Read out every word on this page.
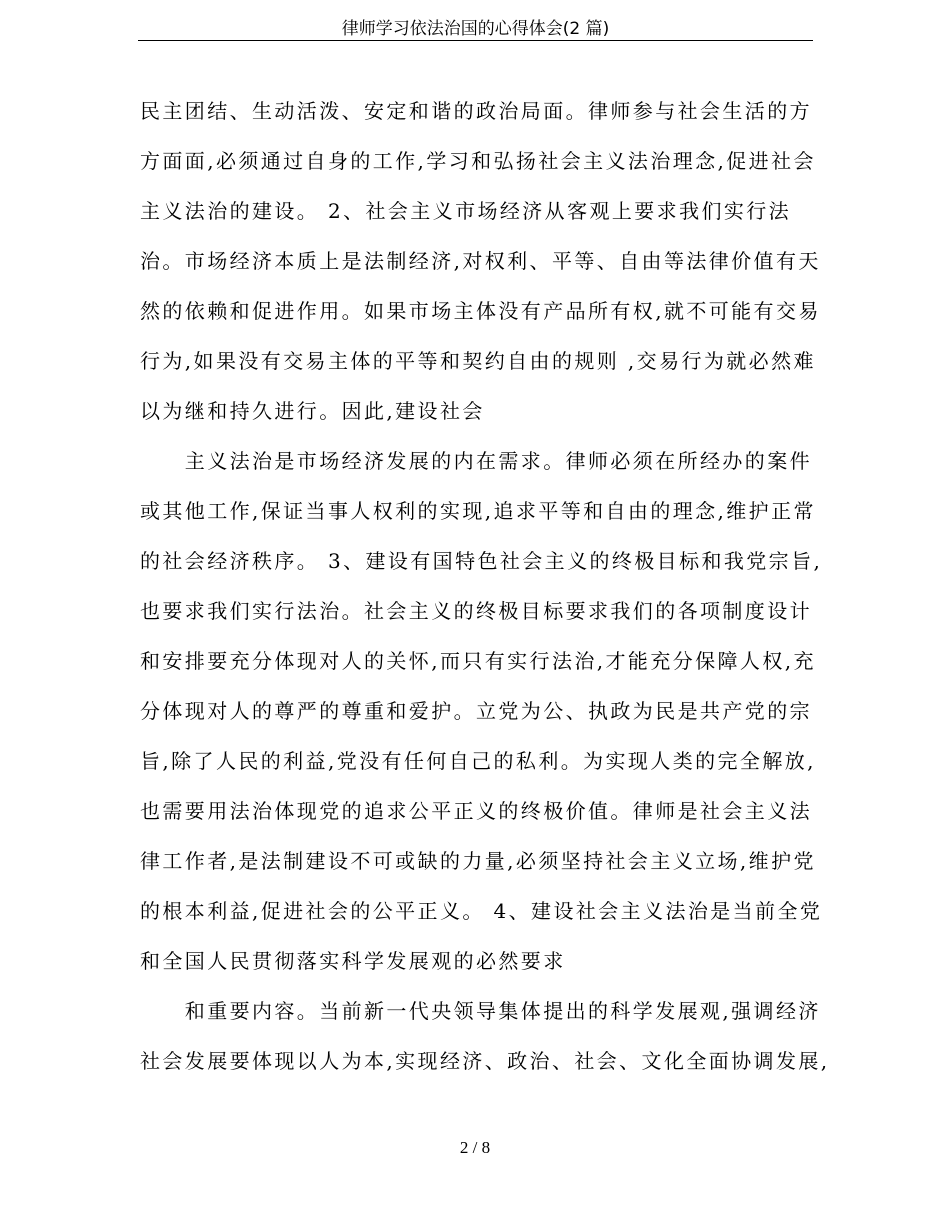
律师学习依法治国的心得体会(2 篇)
民主团结、生动活泼、安定和谐的政治局面。律师参与社会生活的方
方面面,必须通过自身的工作,学习和弘扬社会主义法治理念,促进社会
主义法治的建设。 2、社会主义市场经济从客观上要求我们实行法
治。市场经济本质上是法制经济,对权利、平等、自由等法律价值有天
然的依赖和促进作用。如果市场主体没有产品所有权,就不可能有交易
行为,如果没有交易主体的平等和契约自由的规则 ,交易行为就必然难
以为继和持久进行。因此,建设社会
　　主义法治是市场经济发展的内在需求。律师必须在所经办的案件
或其他工作,保证当事人权利的实现,追求平等和自由的理念,维护正常
的社会经济秩序。 3、建设有国特色社会主义的终极目标和我党宗旨,
也要求我们实行法治。社会主义的终极目标要求我们的各项制度设计
和安排要充分体现对人的关怀,而只有实行法治,才能充分保障人权,充
分体现对人的尊严的尊重和爱护。立党为公、执政为民是共产党的宗
旨,除了人民的利益,党没有任何自己的私利。为实现人类的完全解放,
也需要用法治体现党的追求公平正义的终极价值。律师是社会主义法
律工作者,是法制建设不可或缺的力量,必须坚持社会主义立场,维护党
的根本利益,促进社会的公平正义。 4、建设社会主义法治是当前全党
和全国人民贯彻落实科学发展观的必然要求
　　和重要内容。当前新一代央领导集体提出的科学发展观,强调经济
社会发展要体现以人为本,实现经济、政治、社会、文化全面协调发展,
2 / 8
